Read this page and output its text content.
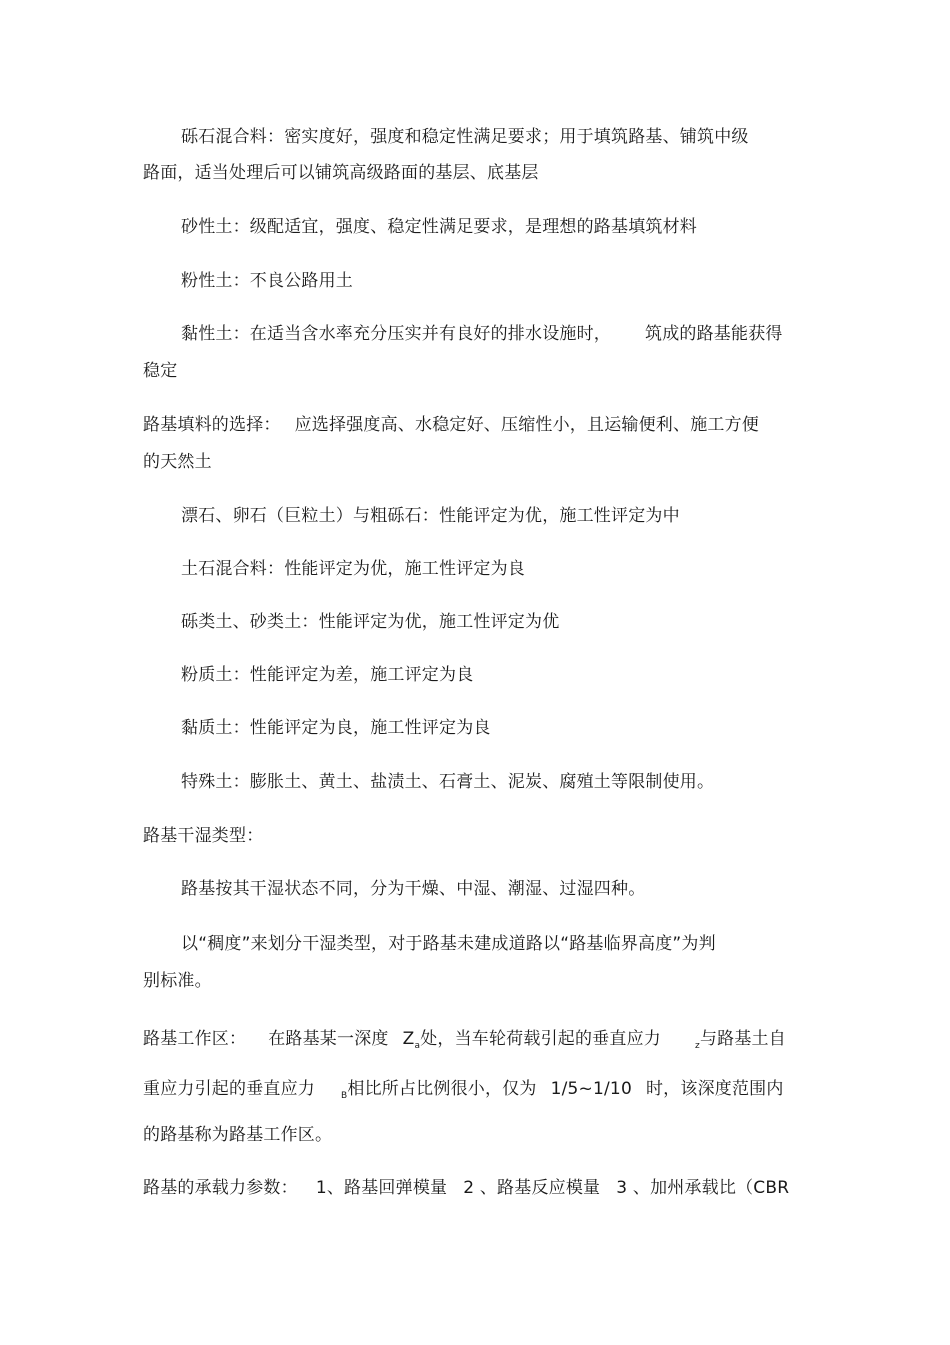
砾石混合料：密实度好，强度和稳定性满足要求；用于填筑路基、铺筑中级
路面，适当处理后可以铺筑高级路面的基层、底基层
砂性土：级配适宜，强度、稳定性满足要求，是理想的路基填筑材料
粉性土：不良公路用土
黏性土：在适当含水率充分压实并有良好的排水设施时， 筑成的路基能获得
稳定
路基填料的选择： 应选择强度高、水稳定好、压缩性小，且运输便利、施工方便
的天然土
漂石、卵石（巨粒土）与粗砾石：性能评定为优，施工性评定为中
土石混合料：性能评定为优，施工性评定为良
砾类土、砂类土：性能评定为优，施工性评定为优
粉质土：性能评定为差，施工评定为良
黏质土：性能评定为良，施工性评定为良
特殊土：膨胀土、黄土、盐渍土、石膏土、泥炭、腐殖土等限制使用。
路基干湿类型：
路基按其干湿状态不同，分为干燥、中湿、潮湿、过湿四种。
以“稠度”来划分干湿类型，对于路基未建成道路以“路基临界高度”为判
别标准。
路基工作区： 在路基某一深度 $Z_a$处，当车轮荷载引起的垂直应力	$_z$与路基土自
重应力引起的垂直应力	$_B$相比所占比例很小，仅为 1/5~1/10 时，该深度范围内
的路基称为路基工作区。
路基的承载力参数： 1、路基回弹模量 2 、路基反应模量 3 、加州承载比（CBR
